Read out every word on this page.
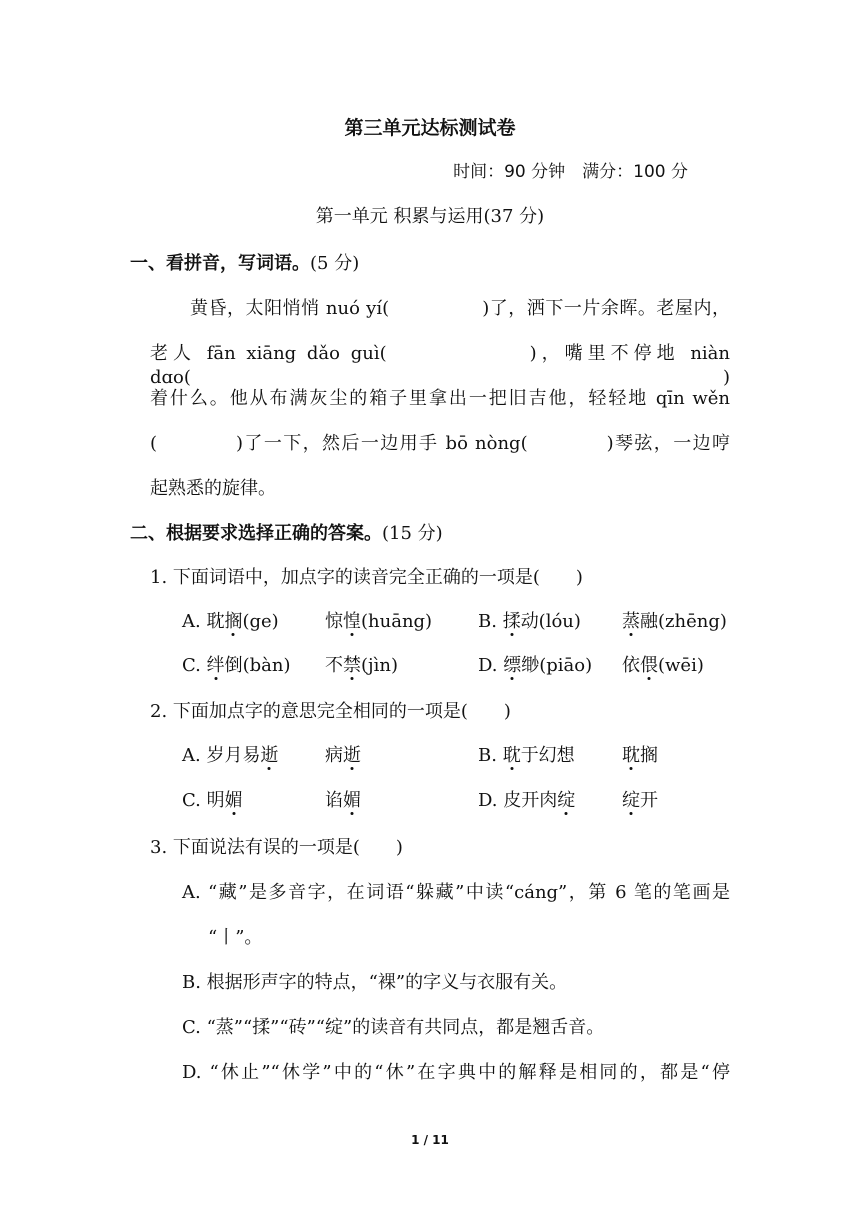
第三单元达标测试卷
时间：90 分钟　满分：100 分
第一单元 积累与运用(37 分)
一、看拼音，写词语。(5 分)
黄昏，太阳悄悄 nuó yí(　　　　　)了，洒下一片余晖。老屋内，
老人 fān xiāng dǎo guì(　　　　　　)，嘴里不停地 niàn dɑo(　　　)
着什么。他从布满灰尘的箱子里拿出一把旧吉他，轻轻地 qīn wěn
(　　　　)了一下，然后一边用手 bō nòng(　　　　)琴弦，一边哼
起熟悉的旋律。
二、根据要求选择正确的答案。(15 分)
1. 下面词语中，加点字的读音完全正确的一项是(　　)
A. 耽搁(ge)	惊惶(huāng)	B. 揉动(lóu) 蒸融(zhēng)
C. 绊倒(bàn) 不禁(jìn)	D. 缥缈(piāo) 依偎(wēi)
2. 下面加点字的意思完全相同的一项是(　　)
A. 岁月易逝	病逝	B. 耽于幻想	耽搁
C. 明媚	谄媚	D. 皮开肉绽	绽开
3. 下面说法有误的一项是(　　)
A. “藏”是多音字，在词语“躲藏”中读“cáng”，第 6 笔的笔画是
“丨”。
B. 根据形声字的特点，“裸”的字义与衣服有关。
C. “蒸”“揉”“砖”“绽”的读音有共同点，都是翘舌音。
D. “休止”“休学”中的“休”在字典中的解释是相同的，都是“停
1 / 11
